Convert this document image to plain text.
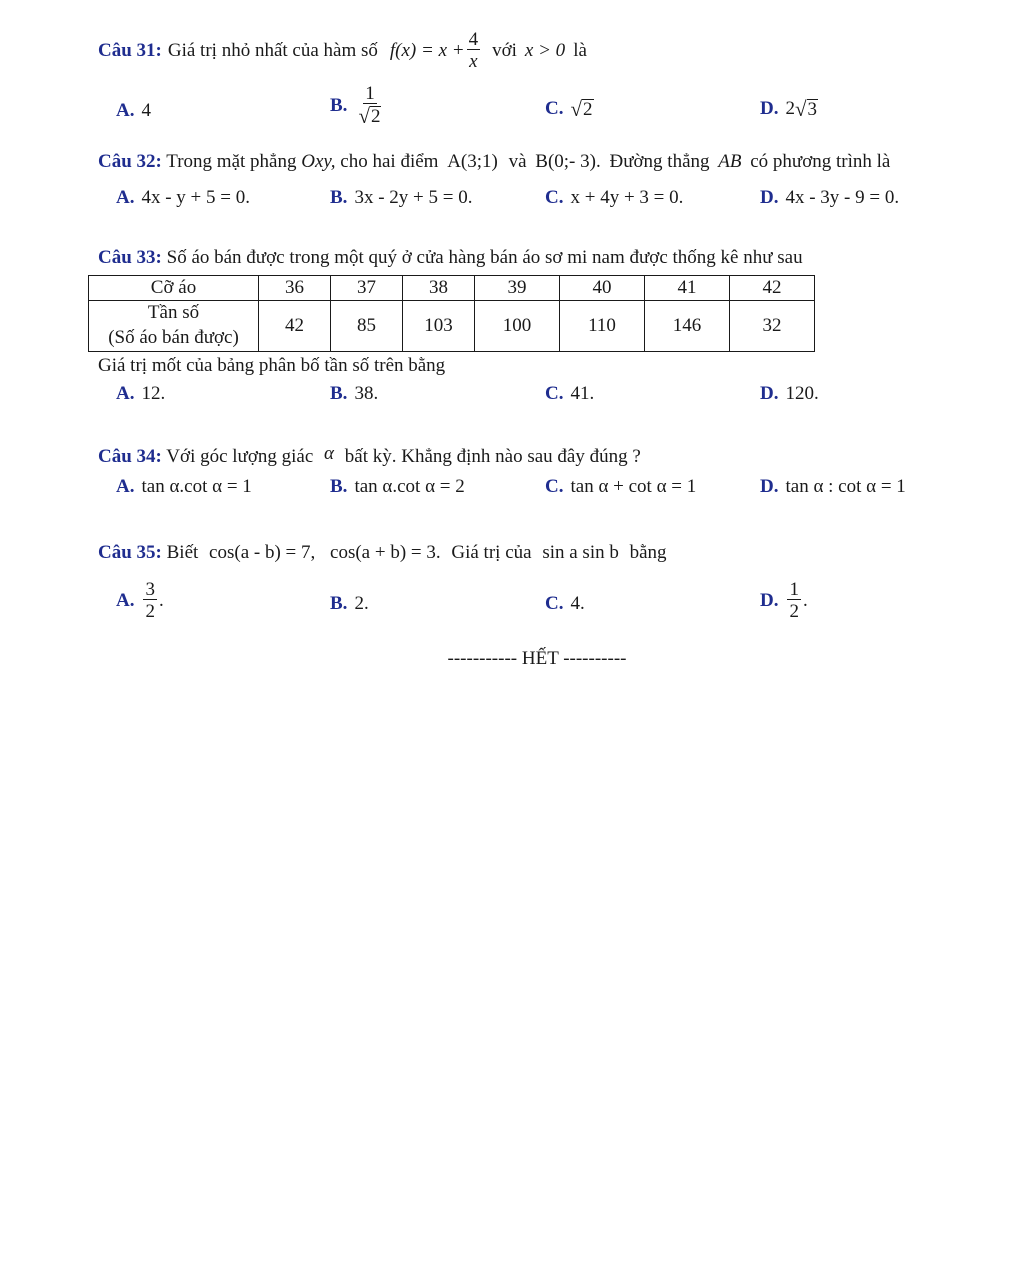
Câu 31: Giá trị nhỏ nhất của hàm số $f(x) = x + \frac{4}{x}$ với x > 0 là
A. 4	B. $\frac{1}{√ 2}$	C. √ 2	D. 2 √ 3
Câu 32: Trong mặt phẳng Oxy, cho hai điểm A(3;1) và B(0;- 3). Đường thẳng AB có phương trình là
A. 4x - y + 5 = 0.	B. 3x - 2y + 5 = 0.	C. x + 4y + 3 = 0.	D. 4x - 3y - 9 = 0.
Câu 33: Số áo bán được trong một quý ở cửa hàng bán áo sơ mi nam được thống kê như sau
Cỡ áo	36	37	38	39	40	41	42

Tần số
(Số áo bán được)	42	85	103	100	110	146	32
Giá trị mốt của bảng phân bố tần số trên bằng
A. 12.	B. 38.	C. 41.	D. 120.
Câu 34: Với góc lượng giác α bất kỳ. Khẳng định nào sau đây đúng ?
A. tan α.cot α = 1	B. tan α.cot α = 2	C. tan α + cot α = 1	D. tan α : cot α = 1
Câu 35: Biết cos(a - b) = 7, cos(a + b) = 3. Giá trị của sin a sin b bằng
A. $\frac{3}{2}$ .	B. 2.	C. 4.	D. $\frac{1}{2}$ .
----------- HẾT ----------
